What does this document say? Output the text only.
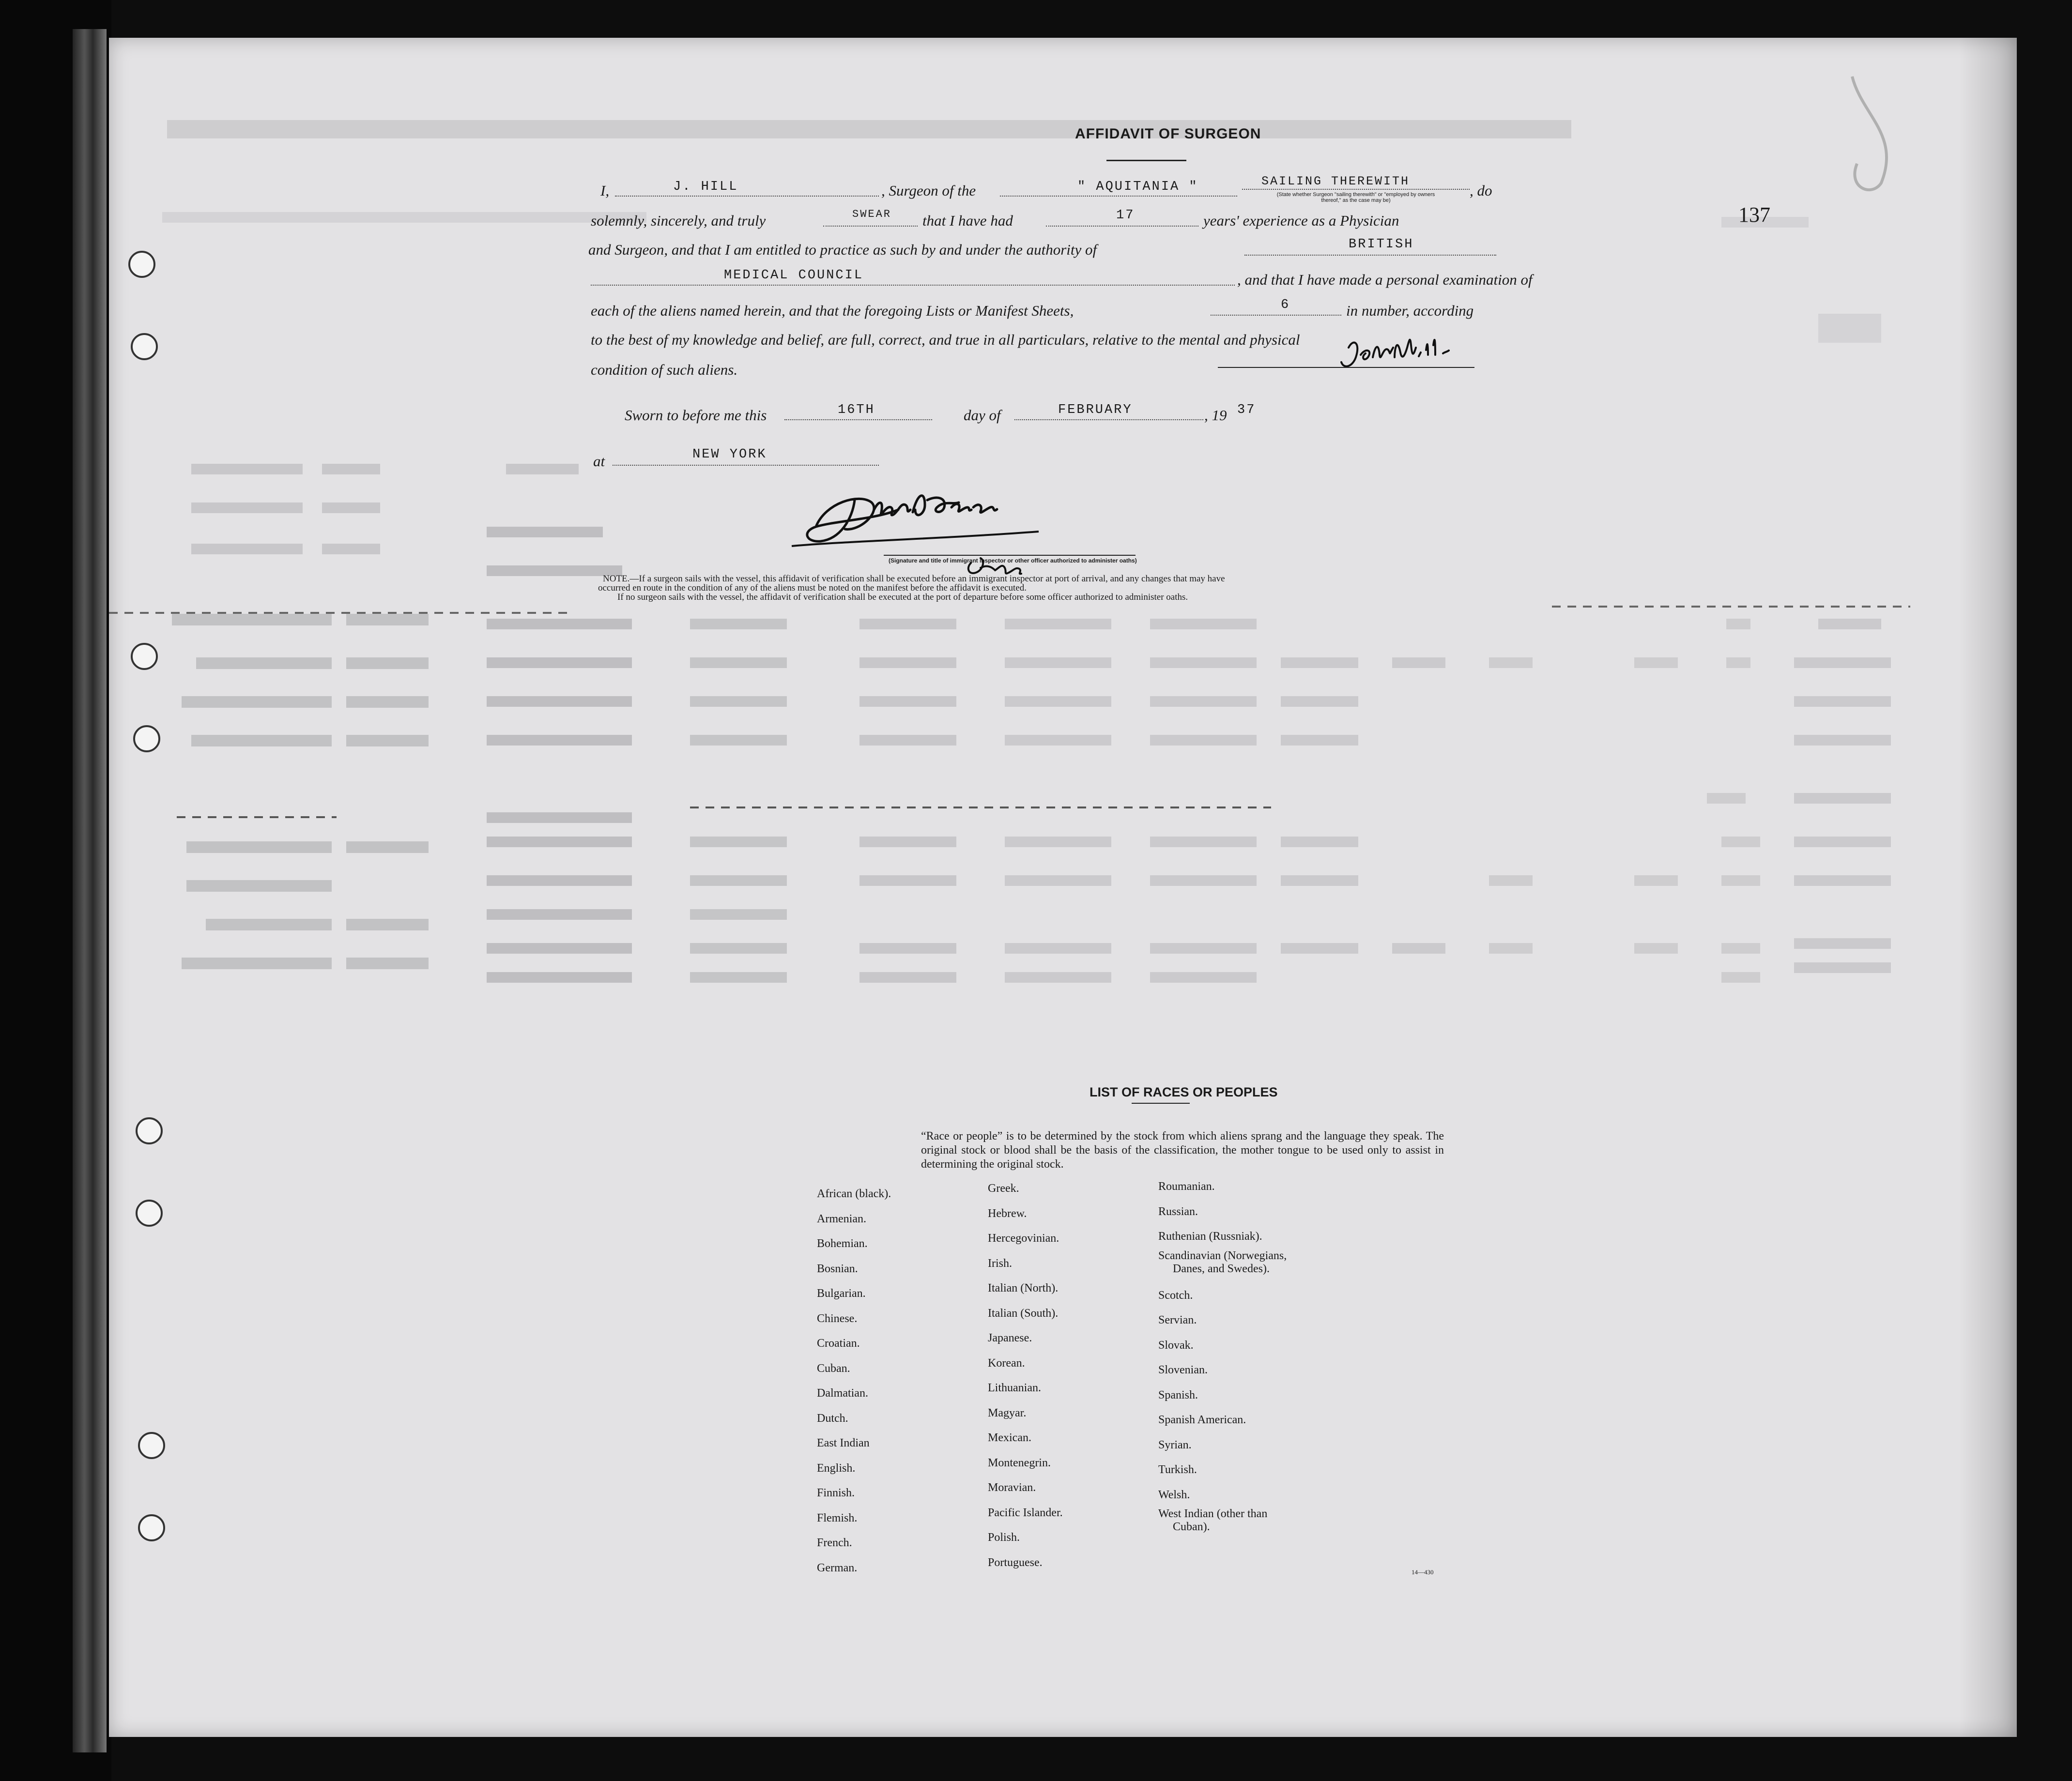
137
AFFIDAVIT OF SURGEON
I,	J. HILL	, Surgeon of the	" AQUITANIA "	SAILING THEREWITH
(State whether Surgeon "sailing therewith" or "employed by owners thereof," as the case may be)
, do
solemnly, sincerely, and truly	SWEAR that I have had	17	years' experience as a Physician
and Surgeon, and that I am entitled to practice as such by and under the authority of	BRITISH
MEDICAL COUNCIL	, and that I have made a personal examination of
each of the aliens named herein, and that the foregoing Lists or Manifest Sheets,	6	in number, according
to the best of my knowledge and belief, are full, correct, and true in all particulars, relative to the mental and physical
condition of such aliens.
Sworn to before me this	16TH	day of	FEBRUARY	, 19 37
at	NEW YORK
(Signature and title of immigrant inspector or other officer authorized to administer oaths)
NOTE.—If a surgeon sails with the vessel, this affidavit of verification shall be executed before an immigrant inspector at port of arrival, and any changes that may have
occurred en route in the condition of any of the aliens must be noted on the manifest before the affidavit is executed.
If no surgeon sails with the vessel, the affidavit of verification shall be executed at the port of departure before some officer authorized to administer oaths.
LIST OF RACES OR PEOPLES
“Race or people” is to be determined by the stock from which aliens sprang and the language they speak. The original stock or blood shall be the basis of the classification, the mother tongue to be used only to assist in determining the original stock.
African (black).
Armenian.
Bohemian.
Bosnian.
Bulgarian.
Chinese.
Croatian.
Cuban.
Dalmatian.
Dutch.
East Indian
English.
Finnish.
Flemish.
French.
German.
Greek.
Hebrew.
Hercegovinian.
Irish.
Italian (North).
Italian (South).
Japanese.
Korean.
Lithuanian.
Magyar.
Mexican.
Montenegrin.
Moravian.
Pacific Islander.
Polish.
Portuguese.
Roumanian.
Russian.
Ruthenian (Russniak).
Scandinavian (Norwegians,
Danes, and Swedes).
Scotch.
Servian.
Slovak.
Slovenian.
Spanish.
Spanish American.
Syrian.
Turkish.
Welsh.
West Indian (other than
Cuban).
14—430
